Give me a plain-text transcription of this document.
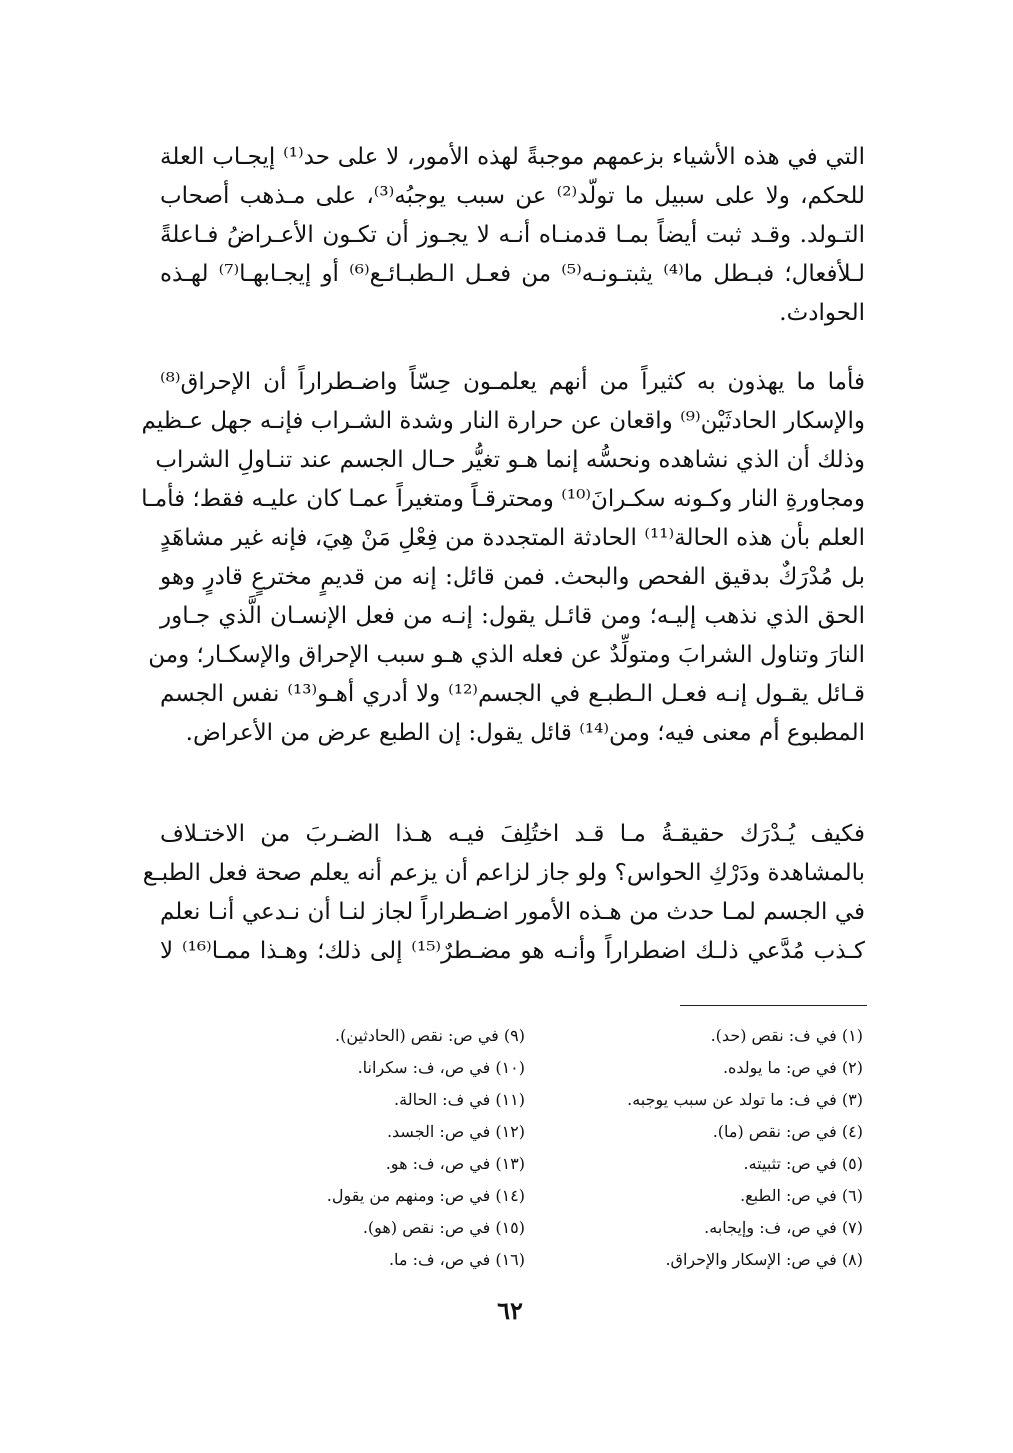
التي في هذه الأشياء بزعمهم موجبةً لهذه الأمور، لا على حد⁽¹⁾ إيجـاب العلة
للحكم، ولا على سبيل ما تولّد⁽²⁾ عن سبب يوجبُه⁽³⁾، على مـذهب أصحاب
التـولد. وقـد ثبت أيضاً بمـا قدمنـاه أنـه لا يجـوز أن تكـون الأعـراضُ فـاعلةً
لـلأفعال؛ فبـطل ما⁽⁴⁾ يثبتـونـه⁽⁵⁾ من فعـل الـطبـائـع⁽⁶⁾ أو إيجـابهـا⁽⁷⁾ لهـذه
الحوادث.
فأما ما يهذون به كثيراً من أنهم يعلمـون حِسّاً واضـطراراً أن الإحراق⁽⁸⁾
والإسكار الحادثَيْن⁽⁹⁾ واقعان عن حرارة النار وشدة الشـراب فإنـه جهل عـظيم
وذلك أن الذي نشاهده ونحسُّه إنما هـو تغيُّر حـال الجسم عند تنـاولِ الشراب
ومجاورةِ النار وكـونه سكـرانَ⁽¹⁰⁾ ومحترقـاً ومتغيراً عمـا كان عليـه فقط؛ فأمـا
العلم بأن هذه الحالة⁽¹¹⁾ الحادثة المتجددة من فِعْلِ مَنْ هِيَ، فإنه غير مشاهَدٍ
بل مُدْرَكٌ بدقيق الفحص والبحث. فمن قائل: إنه من قديمٍ مخترعٍ قادرٍ وهو
الحق الذي نذهب إليـه؛ ومن قائـل يقول: إنـه من فعل الإنسـان الَّذي جـاور
النارَ وتناول الشرابَ ومتولِّدٌ عن فعله الذي هـو سبب الإحراق والإسكـار؛ ومن
قـائل يقـول إنـه فعـل الـطبـع في الجسم⁽¹²⁾ ولا أدري أهـو⁽¹³⁾ نفس الجسم
المطبوع أم معنى فيه؛ ومن⁽¹⁴⁾ قائل يقول: إن الطبع عرض من الأعراض.
فكيف يُـدْرَك حقيقـةُ مـا قـد اختُلِفَ فيـه هـذا الضـربَ من الاختـلاف
بالمشاهدة ودَرْكِ الحواس؟ ولو جاز لزاعم أن يزعم أنه يعلم صحة فعل الطبـع
في الجسم لمـا حدث من هـذه الأمور اضـطراراً لجاز لنـا أن نـدعي أنـا نعلم
كـذب مُدَّعي ذلـك اضطراراً وأنـه هو مضـطرٌ⁽¹⁵⁾ إلى ذلك؛ وهـذا ممـا⁽¹⁶⁾ لا
(١) في ف: نقص (حد).
(٢) في ص: ما يولده.
(٣) في ف: ما تولد عن سبب يوجبه.
(٤) في ص: نقص (ما).
(٥) في ص: تثبيته.
(٦) في ص: الطبع.
(٧) في ص، ف: وإيجابه.
(٨) في ص: الإسكار والإحراق.
(٩) في ص: نقص (الحادثين).
(١٠) في ص، ف: سكرانا.
(١١) في ف: الحالة.
(١٢) في ص: الجسد.
(١٣) في ص، ف: هو.
(١٤) في ص: ومنهم من يقول.
(١٥) في ص: نقص (هو).
(١٦) في ص، ف: ما.
٦٢
